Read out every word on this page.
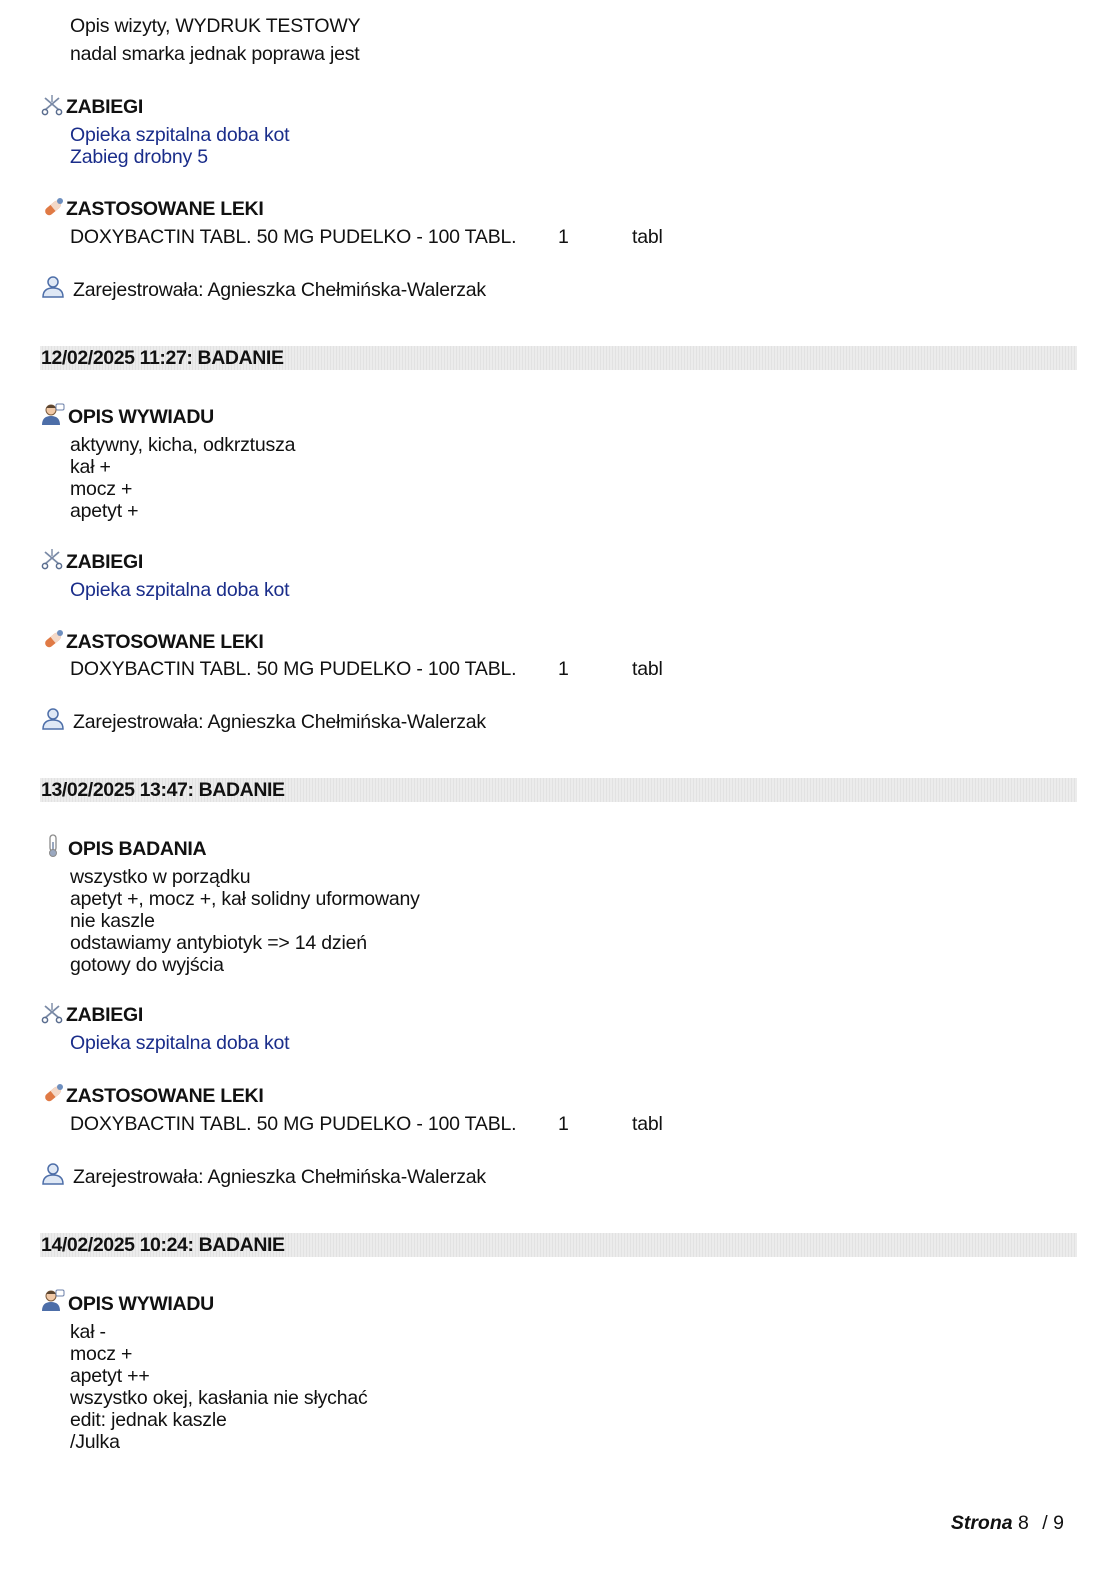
Opis wizyty, WYDRUK TESTOWY
nadal smarka jednak poprawa jest
ZABIEGI
Opieka szpitalna doba kot
Zabieg drobny 5
ZASTOSOWANE LEKI
DOXYBACTIN TABL. 50 MG PUDELKO - 100 TABL. 1	tabl
Zarejestrowała: Agnieszka Chełmińska-Walerzak
12/02/2025 11:27: BADANIE
OPIS WYWIADU
aktywny, kicha, odkrztusza
kał +
mocz +
apetyt +
ZABIEGI
Opieka szpitalna doba kot
ZASTOSOWANE LEKI
DOXYBACTIN TABL. 50 MG PUDELKO - 100 TABL. 1	tabl
Zarejestrowała: Agnieszka Chełmińska-Walerzak
13/02/2025 13:47: BADANIE
OPIS BADANIA
wszystko w porządku
apetyt +, mocz +, kał solidny uformowany
nie kaszle
odstawiamy antybiotyk => 14 dzień
gotowy do wyjścia
ZABIEGI
Opieka szpitalna doba kot
ZASTOSOWANE LEKI
DOXYBACTIN TABL. 50 MG PUDELKO - 100 TABL. 1	tabl
Zarejestrowała: Agnieszka Chełmińska-Walerzak
14/02/2025 10:24: BADANIE
OPIS WYWIADU
kał -
mocz +
apetyt ++
wszystko okej, kasłania nie słychać
edit: jednak kaszle
/Julka
Strona 8 / 9
